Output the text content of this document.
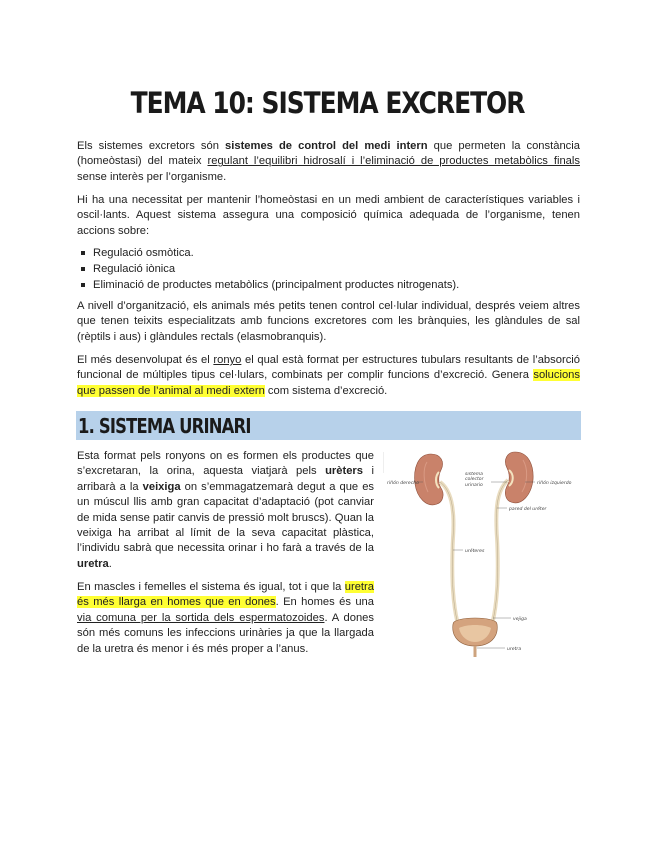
TEMA 10: SISTEMA EXCRETOR

Els sistemes excretors són sistemes de control del medi intern que permeten la constància (homeòstasi) del mateix regulant l’equilibri hidrosalí i l’eliminació de productes metabòlics finals sense interès per l’organisme.

Hi ha una necessitat per mantenir l’homeòstasi en un medi ambient de característiques variables i oscil·lants. Aquest sistema assegura una composició química adequada de l’organisme, tenen accions sobre:

Regulació osmòtica.
Regulació iònica
Eliminació de productes metabòlics (principalment productes nitrogenats).

A nivell d’organització, els animals més petits tenen control cel·lular individual, després veiem altres que tenen teixits especialitzats amb funcions excretores com les brànquies, les glàndules de sal (rèptils i aus) i glàndules rectals (elasmobranquis).

El més desenvolupat és el ronyo el qual està format per estructures tubulars resultants de l’absorció funcional de múltiples tipus cel·lulars, combinats per complir funcions d’excreció. Genera solucions que passen de l’animal al medi extern com sistema d’excreció.

1. SISTEMA URINARI

Esta format pels ronyons on es formen els productes que s’excretaran, la orina, aquesta viatjarà pels urèters i arribarà a la veixiga on s’emmagatzemarà degut a que es un múscul llis amb gran capacitat d’adaptació (pot canviar de mida sense patir canvis de pressió molt bruscs). Quan la veixiga ha arribat al límit de la seva capacitat plàstica, l’individu sabrà que necessita orinar i ho farà a través de la uretra.

En mascles i femelles el sistema és igual, tot i que la uretra és més llarga en homes que en dones. En homes és una via comuna per la sortida dels espermatozoides. A dones són més comuns les infeccions urinàries ja que la llargada de la uretra és menor i és més proper a l’anus.

riñón derecho
sistema colector urinario	riñón izquierdo
pared del uréter
uréteres
vejiga
uretra
